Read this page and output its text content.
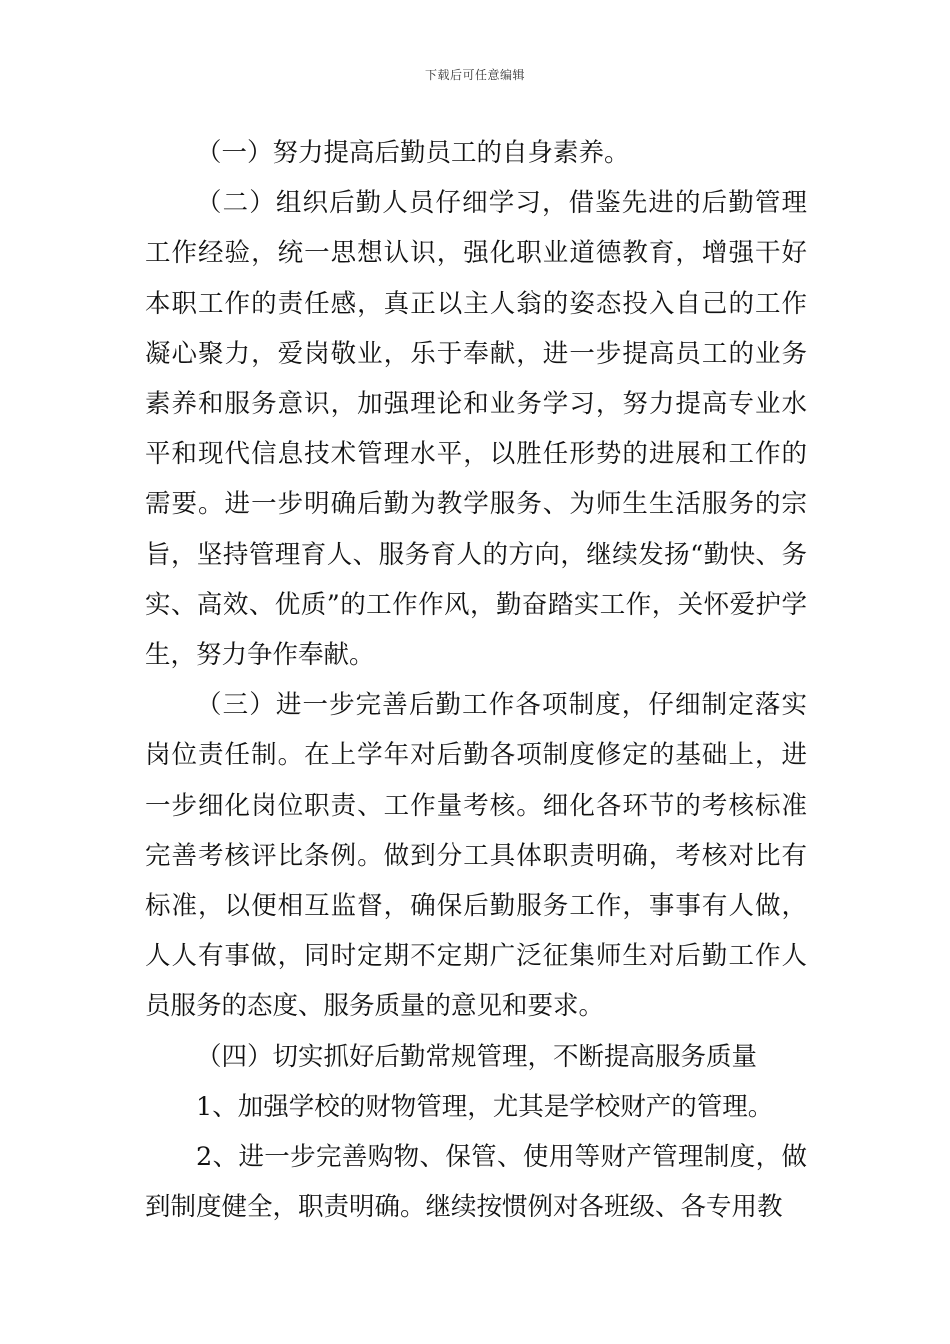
下载后可任意编辑

（一）努力提高后勤员工的自身素养。

（二）组织后勤人员仔细学习，借鉴先进的后勤管理工作经验，统一思想认识，强化职业道德教育，增强干好本职工作的责任感，真正以主人翁的姿态投入自己的工作凝心聚力，爱岗敬业，乐于奉献，进一步提高员工的业务素养和服务意识，加强理论和业务学习，努力提高专业水平和现代信息技术管理水平，以胜任形势的进展和工作的需要。进一步明确后勤为教学服务、为师生生活服务的宗旨，坚持管理育人、服务育人的方向，继续发扬“勤快、务实、高效、优质”的工作作风，勤奋踏实工作，关怀爱护学生，努力争作奉献。

（三）进一步完善后勤工作各项制度，仔细制定落实岗位责任制。在上学年对后勤各项制度修定的基础上，进一步细化岗位职责、工作量考核。细化各环节的考核标准完善考核评比条例。做到分工具体职责明确，考核对比有标准，以便相互监督，确保后勤服务工作，事事有人做，人人有事做，同时定期不定期广泛征集师生对后勤工作人员服务的态度、服务质量的意见和要求。

（四）切实抓好后勤常规管理，不断提高服务质量

1、加强学校的财物管理，尤其是学校财产的管理。

2、进一步完善购物、保管、使用等财产管理制度，做到制度健全，职责明确。继续按惯例对各班级、各专用教
